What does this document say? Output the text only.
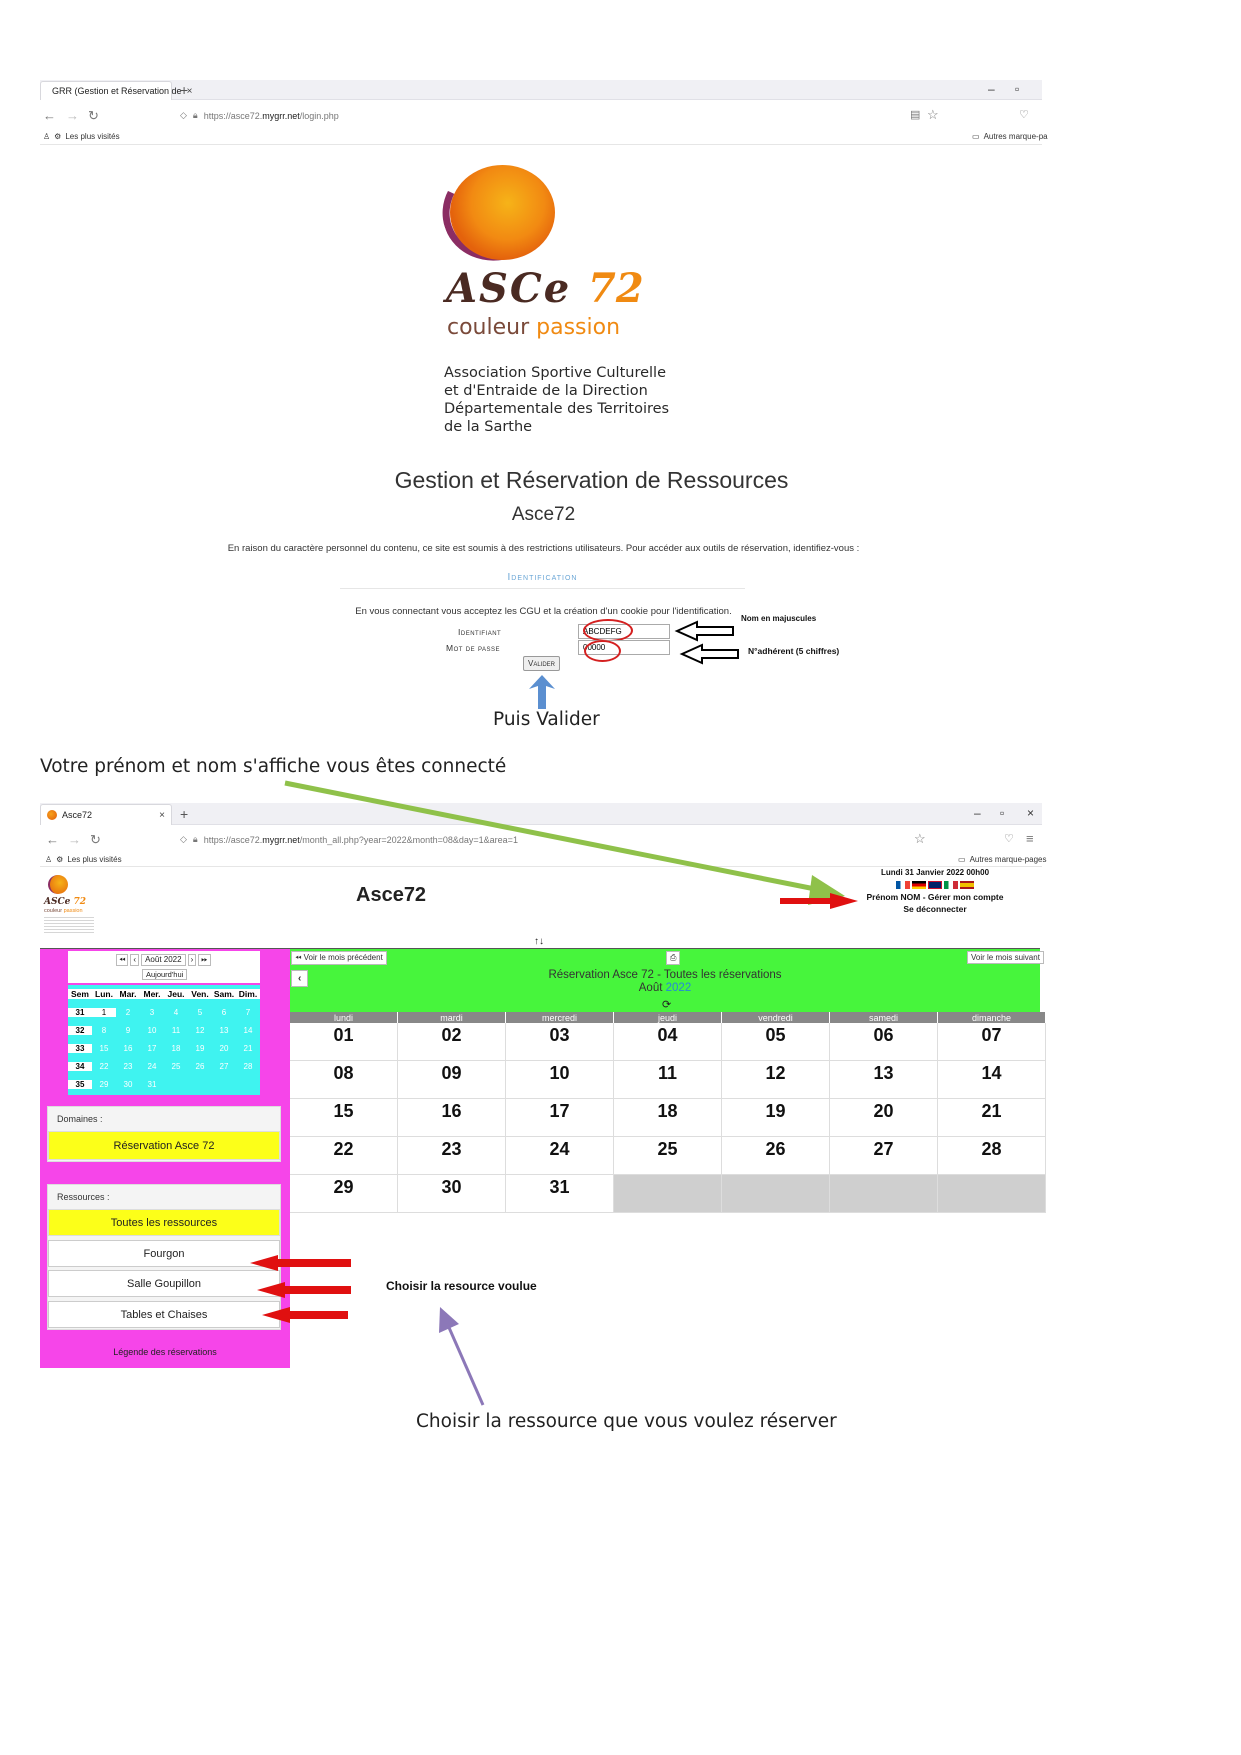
GRR (Gestion et Réservation de ×
+	– ▫
← → ↻	◇ 🔒︎ https://asce72.mygrr.net/login.php	▤ ☆	♡
♙ ⚙ Les plus visités	▭ Autres marque-pa
ASCe 72
couleur passion
Association Sportive Culturelle
et d'Entraide de la Direction
Départementale des Territoires
de la Sarthe
Gestion et Réservation de Ressources
Asce72
En raison du caractère personnel du contenu, ce site est soumis à des restrictions utilisateurs. Pour accéder aux outils de réservation, identifiez-vous :
Identification
En vous connectant vous acceptez les CGU et la création d'un cookie pour l'identification.
Identifiant	ABCDEFG
Mot de passe	00000
Valider
Nom en majuscules
N°adhérent (5 chiffres)
Puis Valider
Votre prénom et nom s'affiche vous êtes connecté
Asce72	× +	– ▫ ×
← → ↻	◇ 🔒︎ https://asce72.mygrr.net/month_all.php?year=2022&month=08&day=1&area=1	☆	♡ ≡
♙ ⚙ Les plus visités	▭ Autres marque-pages
ASCe 72
couleur passion
Asce72
Lundi 31 Janvier 2022 00h00
Prénom NOM - Gérer mon compte
Se déconnecter
↑↓
⏪︎	‹	Août 2022	›	⏩︎
Aujourd'hui
Sem Lun. Mar. Mer. Jeu. Ven. Sam. Dim.
31	1	2	3	4	5	6	7
32	8	9	10	11	12	13	14
33	15	16	17	18	19	20	21
34	22	23	24	25	26	27	28
35	29	30	31
Domaines :
Réservation Asce 72
Ressources :
Toutes les ressources
Fourgon
Salle Goupillon
Tables et Chaises
Légende des réservations
⏪︎ Voir le mois précédent	Voir le mois suivant
⎙
‹	Réservation Asce 72 - Toutes les réservations
Août 2022
⟳
lundi	mardi	mercredi	jeudi	vendredi	samedi	dimanche
01	02	03	04	05	06	07
08	09	10	11	12	13	14
15	16	17	18	19	20	21
22	23	24	25	26	27	28
29	30	31
Choisir la resource voulue
Choisir la ressource que vous voulez réserver
